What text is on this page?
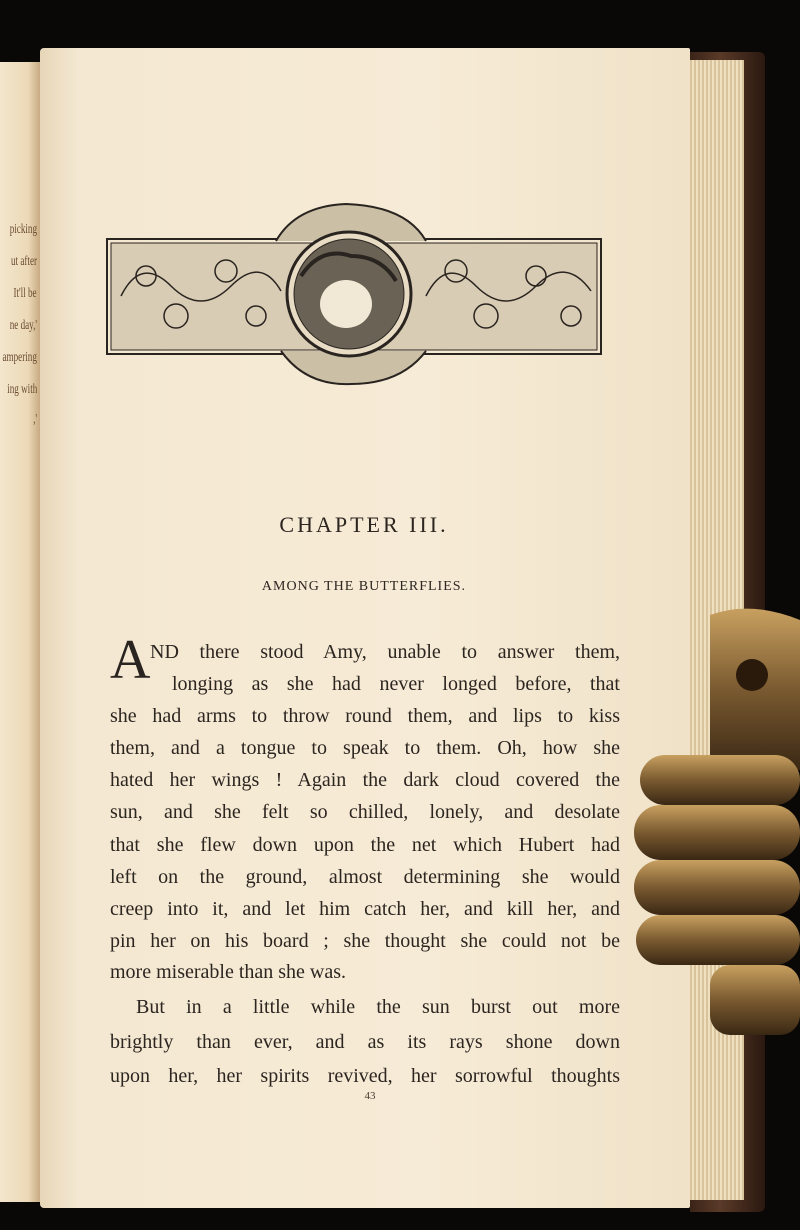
picking
ut after
It'll be
ne day,'
ampering
ing with
,'
CHAPTER III.
AMONG THE BUTTERFLIES.
A ND there stood Amy, unable to answer them,
longing as she had never longed before, that
she had arms to throw round them, and lips to kiss
them, and a tongue to speak to them. Oh, how she
hated her wings ! Again the dark cloud covered the
sun, and she felt so chilled, lonely, and desolate
that she flew down upon the net which Hubert had
left on the ground, almost determining she would
creep into it, and let him catch her, and kill her, and
pin her on his board ; she thought she could not be
more miserable than she was.
But in a little while the sun burst out more
brightly than ever, and as its rays shone down
upon her, her spirits revived, her sorrowful thoughts
43
